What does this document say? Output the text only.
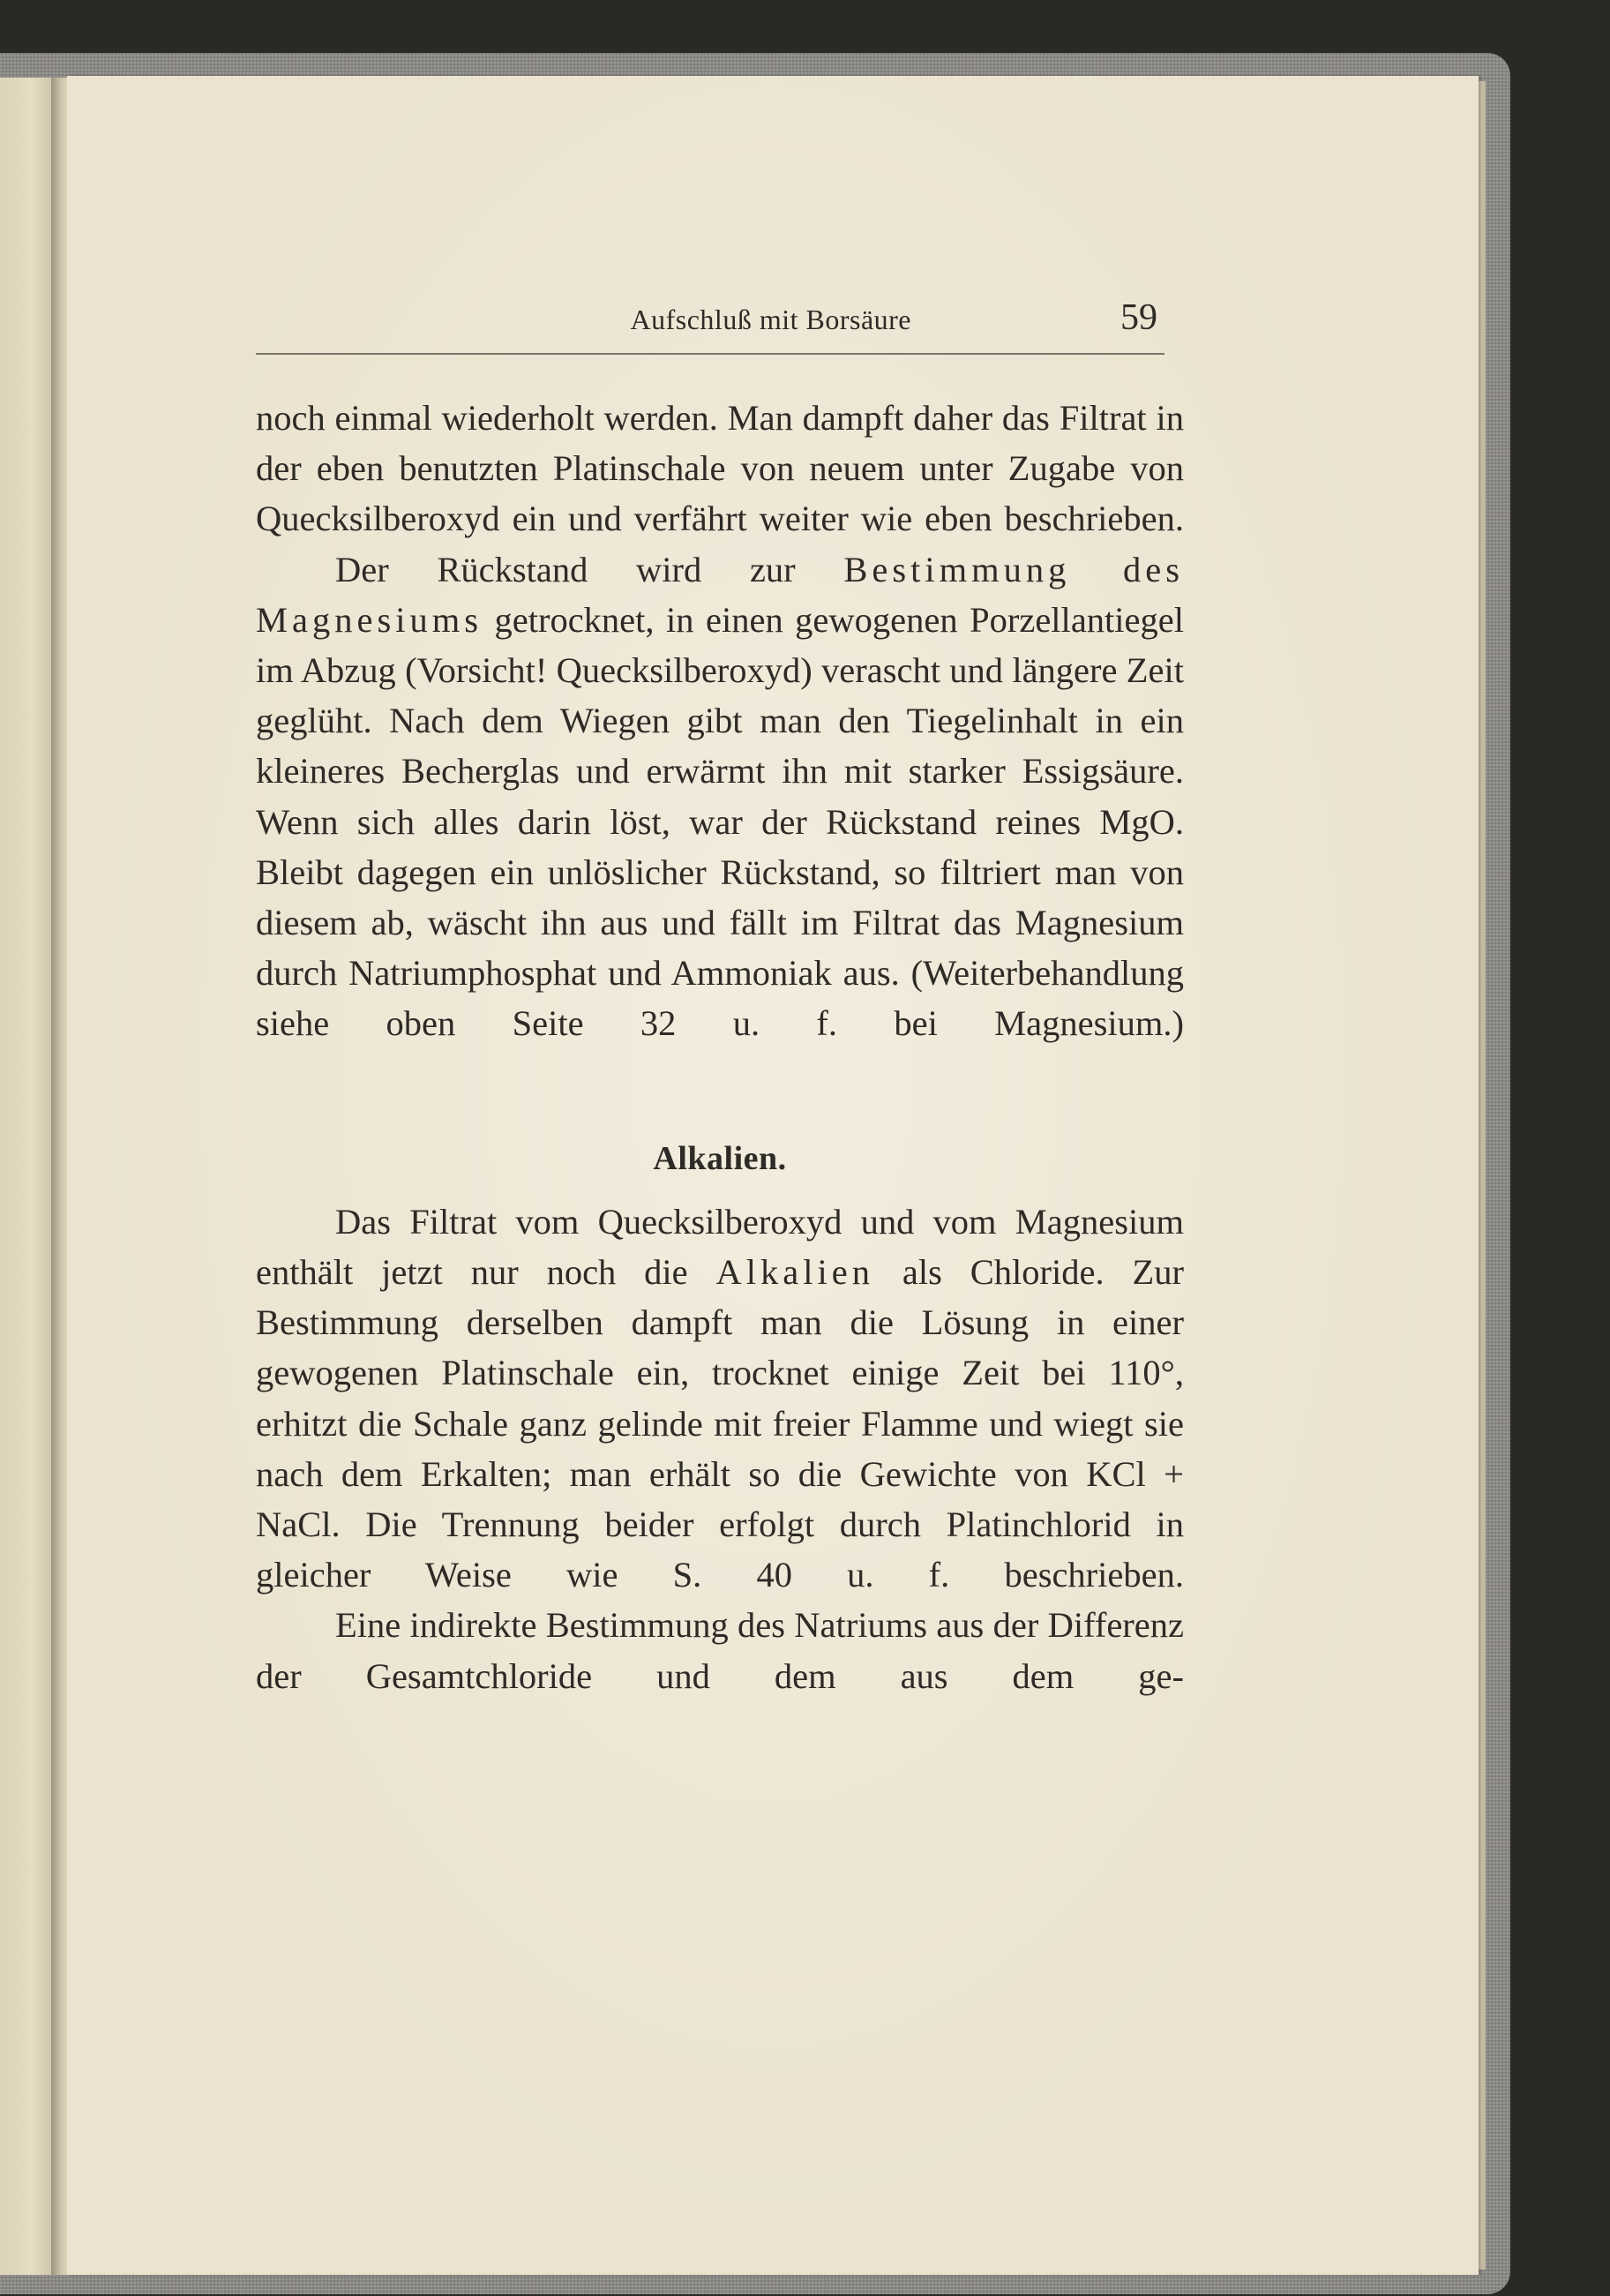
Aufschluß mit Borsäure	59

noch einmal wiederholt werden. Man dampft daher das Filtrat in der eben benutzten Platinschale von neuem unter Zugabe von Quecksilberoxyd ein und verfährt weiter wie eben beschrieben.

Der Rückstand wird zur Bestimmung des Magnesiums getrocknet, in einen gewogenen Porzellantiegel im Abzug (Vorsicht! Quecksilberoxyd) verascht und längere Zeit geglüht. Nach dem Wiegen gibt man den Tiegelinhalt in ein kleineres Becherglas und erwärmt ihn mit starker Essigsäure. Wenn sich alles darin löst, war der Rückstand reines MgO. Bleibt dagegen ein unlöslicher Rückstand, so filtriert man von diesem ab, wäscht ihn aus und fällt im Filtrat das Magnesium durch Natriumphosphat und Ammoniak aus. (Weiterbehandlung siehe oben Seite 32 u. f. bei Magnesium.)

Alkalien.

Das Filtrat vom Quecksilberoxyd und vom Magnesium enthält jetzt nur noch die Alkalien als Chloride. Zur Bestimmung derselben dampft man die Lösung in einer gewogenen Platinschale ein, trocknet einige Zeit bei 110°, erhitzt die Schale ganz gelinde mit freier Flamme und wiegt sie nach dem Erkalten; man erhält so die Gewichte von KCl + NaCl. Die Trennung beider erfolgt durch Platinchlorid in gleicher Weise wie S. 40 u. f. beschrieben.

Eine indirekte Bestimmung des Natriums aus der Differenz der Gesamtchloride und dem aus dem ge-
